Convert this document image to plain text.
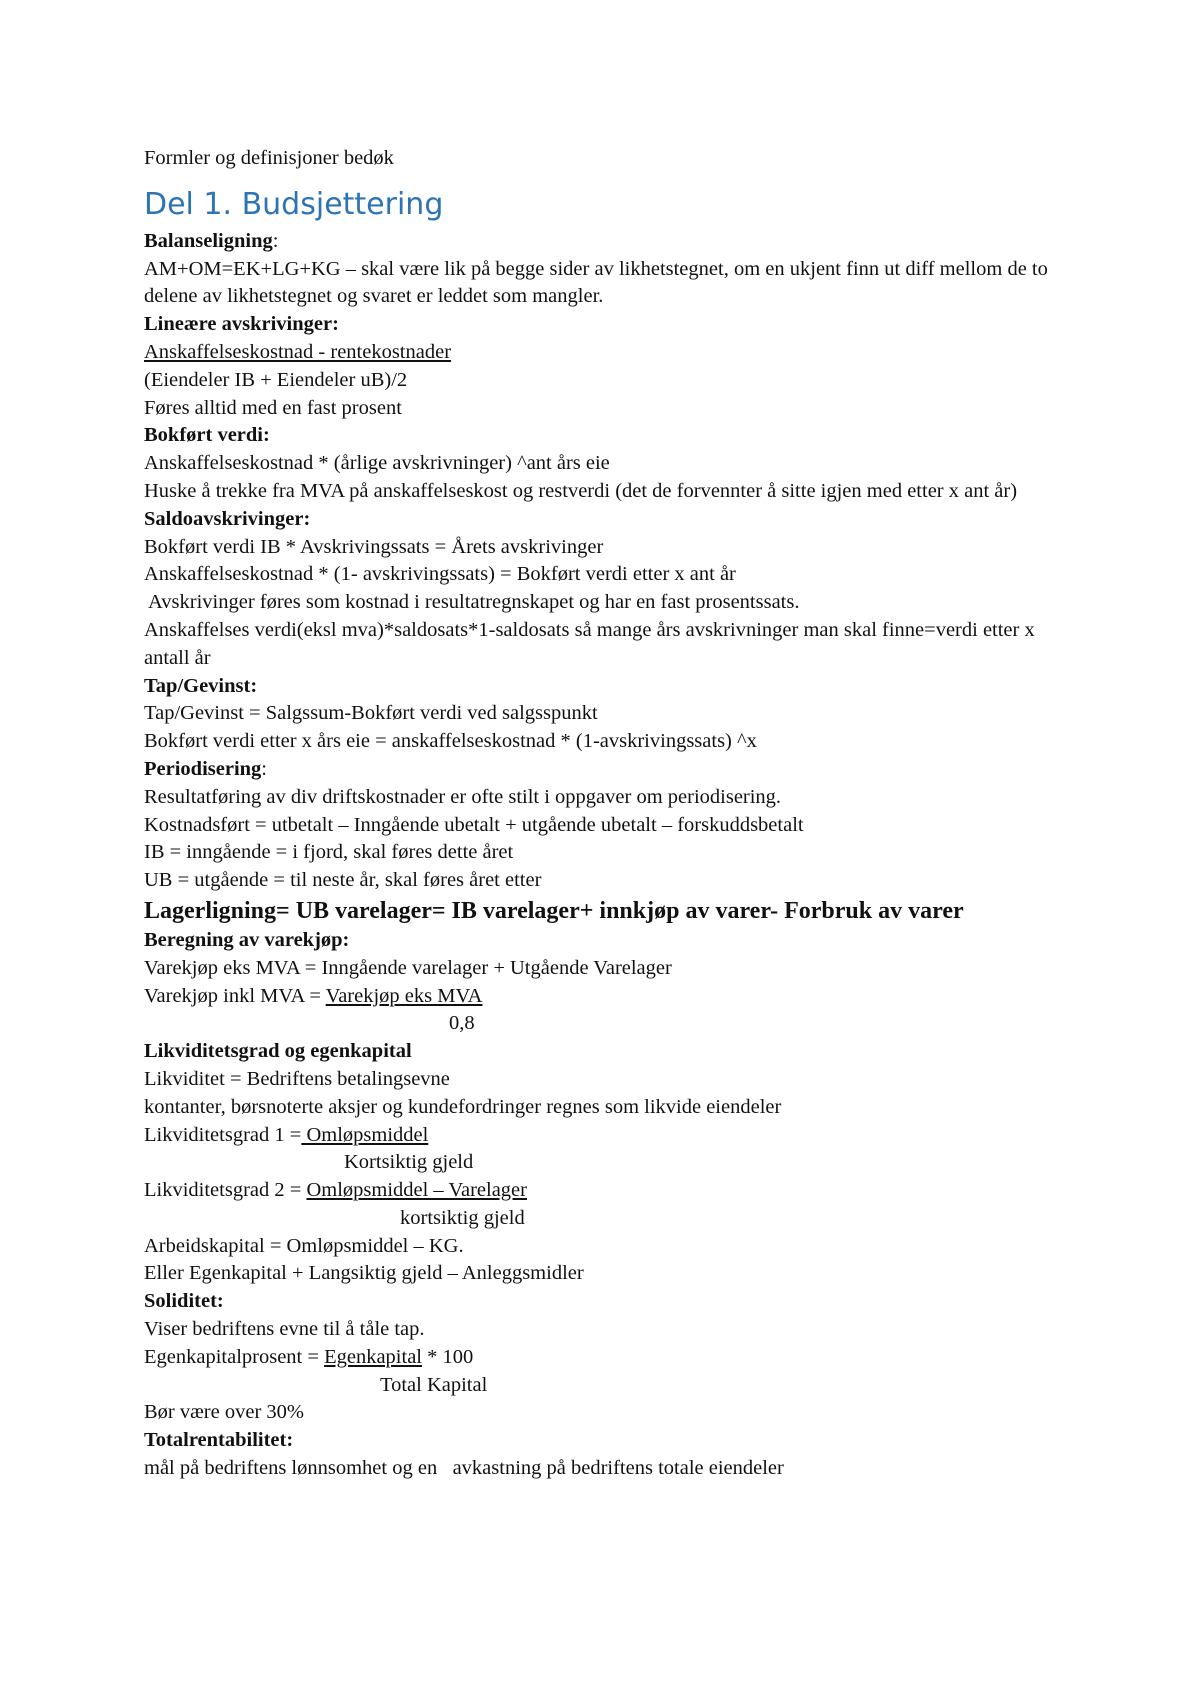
Formler og definisjoner bedøk
Del 1. Budsjettering
Balanseligning:
AM+OM=EK+LG+KG – skal være lik på begge sider av likhetstegnet, om en ukjent finn ut diff mellom de to delene av likhetstegnet og svaret er leddet som mangler.
Lineære avskrivinger:
Anskaffelseskostnad - rentekostnader
(Eiendeler IB + Eiendeler uB)/2
Føres alltid med en fast prosent
Bokført verdi:
Anskaffelseskostnad * (årlige avskrivninger) ^ant års eie
Huske å trekke fra MVA på anskaffelseskost og restverdi (det de forvennter å sitte igjen med etter x ant år)
Saldoavskrivinger:
Bokført verdi IB * Avskrivingssats = Årets avskrivinger
Anskaffelseskostnad * (1- avskrivingssats) = Bokført verdi etter x ant år
Avskrivinger føres som kostnad i resultatregnskapet og har en fast prosentssats.
Anskaffelses verdi(eksl mva)*saldosats*1-saldosats så mange års avskrivninger man skal finne=verdi etter x antall år
Tap/Gevinst:
Tap/Gevinst = Salgssum-Bokført verdi ved salgsspunkt
Bokført verdi etter x års eie = anskaffelseskostnad * (1-avskrivingssats) ^x
Periodisering:
Resultatføring av div driftskostnader er ofte stilt i oppgaver om periodisering.
Kostnadsført = utbetalt – Inngående ubetalt + utgående ubetalt – forskuddsbetalt
IB = inngående = i fjord, skal føres dette året
UB = utgående = til neste år, skal føres året etter
Lagerligning= UB varelager= IB varelager+ innkjøp av varer- Forbruk av varer
Beregning av varekjøp:
Varekjøp eks MVA = Inngående varelager + Utgående Varelager
Varekjøp inkl MVA = Varekjøp eks MVA
0,8
Likviditetsgrad og egenkapital
Likviditet = Bedriftens betalingsevne
kontanter, børsnoterte aksjer og kundefordringer regnes som likvide eiendeler
Likviditetsgrad 1 = Omløpsmiddel
Kortsiktig gjeld
Likviditetsgrad 2 = Omløpsmiddel – Varelager
kortsiktig gjeld
Arbeidskapital = Omløpsmiddel – KG.
Eller Egenkapital + Langsiktig gjeld – Anleggsmidler
Soliditet:
Viser bedriftens evne til å tåle tap.
Egenkapitalprosent = Egenkapital * 100
Total Kapital
Bør være over 30%
Totalrentabilitet:
mål på bedriftens lønnsomhet og en   avkastning på bedriftens totale eiendeler
